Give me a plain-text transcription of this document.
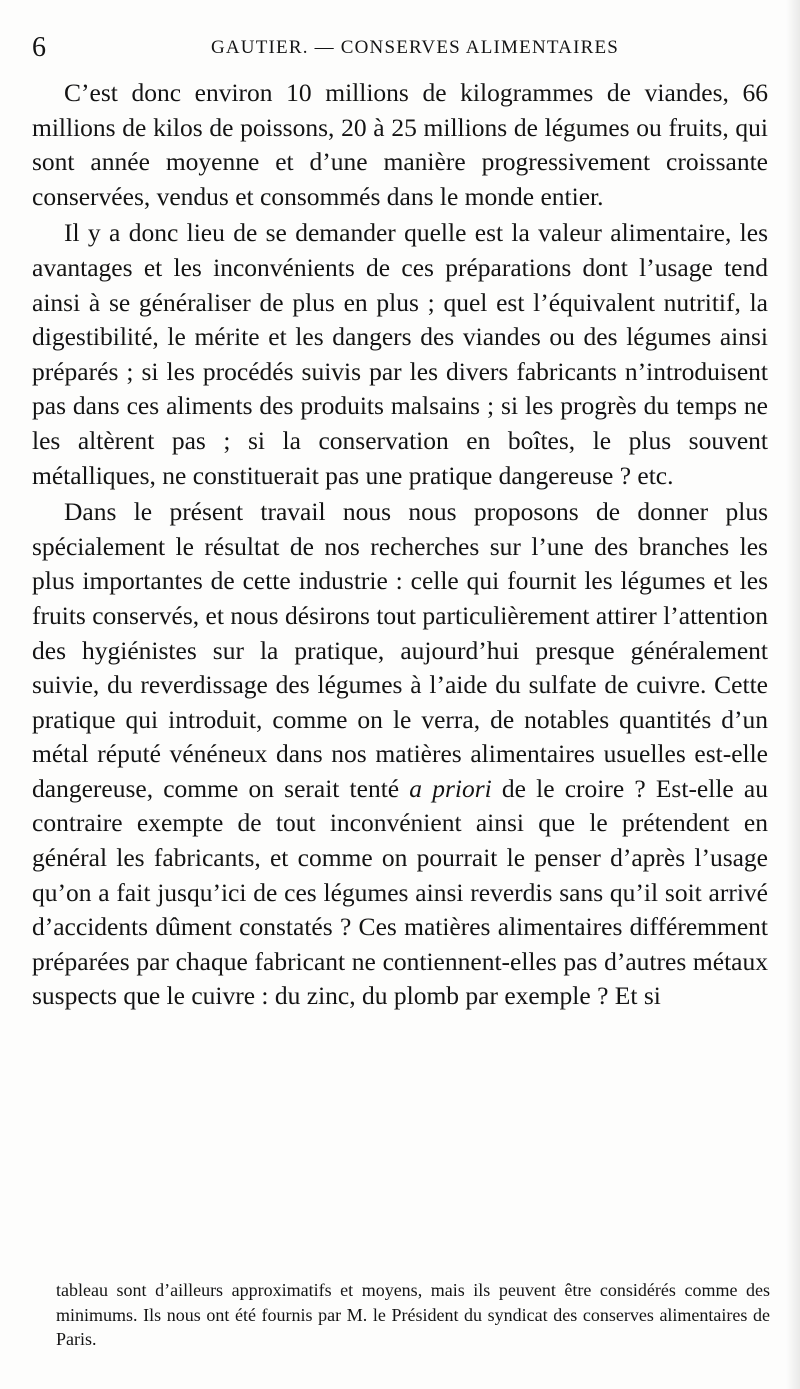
6	GAUTIER. — CONSERVES ALIMENTAIRES

C’est donc environ 10 millions de kilogrammes de viandes, 66 millions de kilos de poissons, 20 à 25 millions de légumes ou fruits, qui sont année moyenne et d’une manière progressivement croissante conservées, vendus et consommés dans le monde entier.

Il y a donc lieu de se demander quelle est la valeur alimentaire, les avantages et les inconvénients de ces préparations dont l’usage tend ainsi à se généraliser de plus en plus ; quel est l’équivalent nutritif, la digestibilité, le mérite et les dangers des viandes ou des légumes ainsi préparés ; si les procédés suivis par les divers fabricants n’introduisent pas dans ces aliments des produits malsains ; si les progrès du temps ne les altèrent pas ; si la conservation en boîtes, le plus souvent métalliques, ne constituerait pas une pratique dangereuse ? etc.

Dans le présent travail nous nous proposons de donner plus spécialement le résultat de nos recherches sur l’une des branches les plus importantes de cette industrie : celle qui fournit les légumes et les fruits conservés, et nous désirons tout particulièrement attirer l’attention des hygiénistes sur la pratique, aujourd’hui presque généralement suivie, du reverdissage des légumes à l’aide du sulfate de cuivre. Cette pratique qui introduit, comme on le verra, de notables quantités d’un métal réputé vénéneux dans nos matières alimentaires usuelles est-elle dangereuse, comme on serait tenté a priori de le croire ? Est-elle au contraire exempte de tout inconvénient ainsi que le prétendent en général les fabricants, et comme on pourrait le penser d’après l’usage qu’on a fait jusqu’ici de ces légumes ainsi reverdis sans qu’il soit arrivé d’accidents dûment constatés ? Ces matières alimentaires différemment préparées par chaque fabricant ne contiennent-elles pas d’autres métaux suspects que le cuivre : du zinc, du plomb par exemple ? Et si

tableau sont d’ailleurs approximatifs et moyens, mais ils peuvent être considérés comme des minimums. Ils nous ont été fournis par M. le Président du syndicat des conserves alimentaires de Paris.
